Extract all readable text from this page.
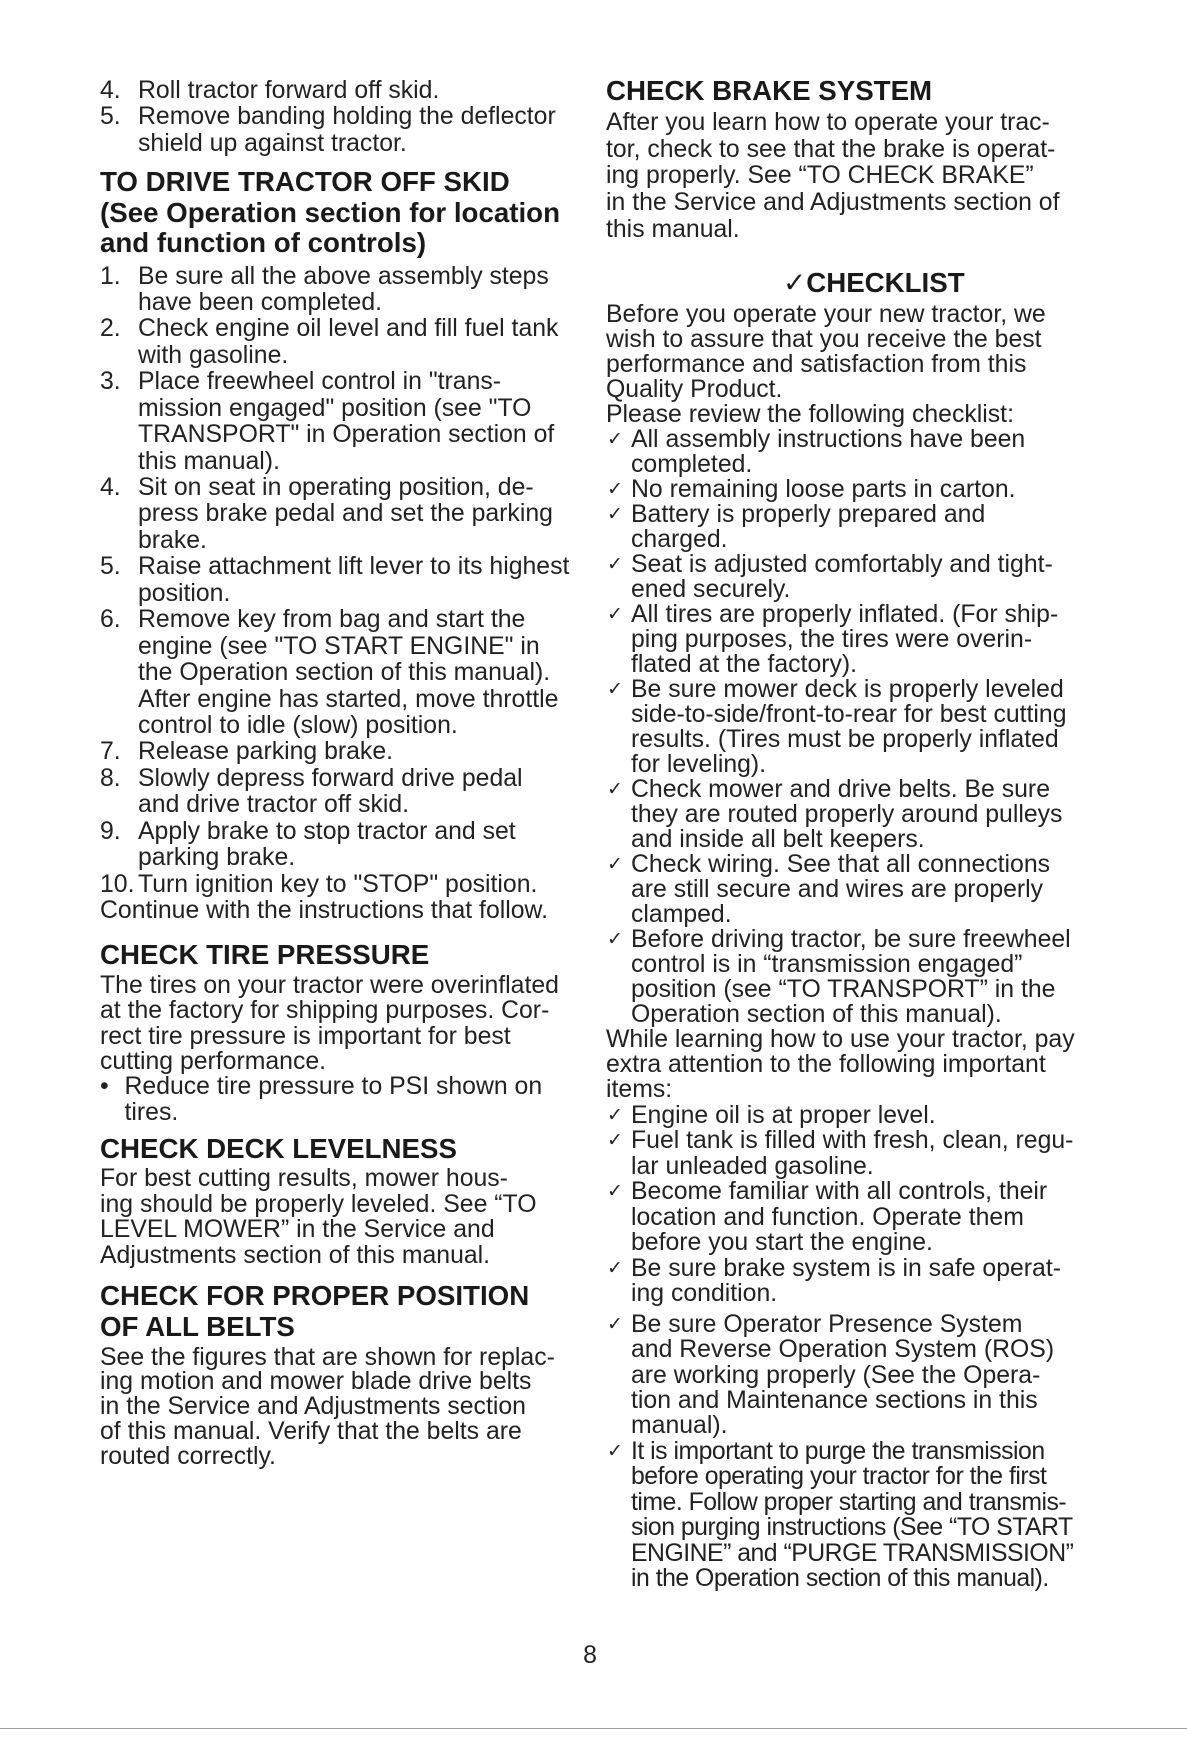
4. Roll tractor forward off skid.
5. Remove banding holding the deflector
shield up against tractor.
TO DRIVE TRACTOR OFF SKID
(See Operation section for location
and function of controls)
1. Be sure all the above assembly steps
have been completed.
2. Check engine oil level and fill fuel tank
with gasoline.
3. Place freewheel control in "trans-
mission engaged" position (see "TO
TRANSPORT" in Operation section of
this manual).
4. Sit on seat in operating position, de-
press brake pedal and set the parking
brake.
5. Raise attachment lift lever to its highest
position.
6. Remove key from bag and start the
engine (see "TO START ENGINE" in
the Operation section of this manual).
After engine has started, move throttle
control to idle (slow) position.
7. Release parking brake.
8. Slowly depress forward drive pedal
and drive tractor off skid.
9. Apply brake to stop tractor and set
parking brake.
10. Turn ignition key to "STOP" position.
Continue with the instructions that follow.
CHECK TIRE PRESSURE
The tires on your tractor were overinflated
at the factory for shipping purposes. Cor-
rect tire pressure is important for best
cutting performance.
• Reduce tire pressure to PSI shown on
tires.
CHECK DECK LEVELNESS
For best cutting results, mower hous-
ing should be properly leveled. See “TO
LEVEL MOWER” in the Service and
Adjustments section of this manual.
CHECK FOR PROPER POSITION
OF ALL BELTS
See the figures that are shown for replac-
ing motion and mower blade drive belts
in the Service and Adjustments section
of this manual. Verify that the belts are
routed correctly.
CHECK BRAKE SYSTEM
After you learn how to operate your trac-
tor, check to see that the brake is operat-
ing properly. See “TO CHECK BRAKE”
in the Service and Adjustments section of
this manual.
✓CHECKLIST
Before you operate your new tractor, we
wish to assure that you receive the best
performance and satisfaction from this
Quality Product.
Please review the following checklist:
✓ All assembly instructions have been
completed.
✓ No remaining loose parts in carton.
✓ Battery is properly prepared and
charged.
✓ Seat is adjusted comfortably and tight-
ened securely.
✓ All tires are properly inflated. (For ship-
ping purposes, the tires were overin-
flated at the factory).
✓ Be sure mower deck is properly leveled
side-to-side/front-to-rear for best cutting
results. (Tires must be properly inflated
for leveling).
✓ Check mower and drive belts. Be sure
they are routed properly around pulleys
and inside all belt keepers.
✓ Check wiring. See that all connections
are still secure and wires are properly
clamped.
✓ Before driving tractor, be sure freewheel
control is in “transmission engaged”
position (see “TO TRANSPORT” in the
Operation section of this manual).
While learning how to use your tractor, pay
extra attention to the following important
items:
✓ Engine oil is at proper level.
✓ Fuel tank is filled with fresh, clean, regu-
lar unleaded gasoline.
✓ Become familiar with all controls, their
location and function. Operate them
before you start the engine.
✓ Be sure brake system is in safe operat-
ing condition.
✓ Be sure Operator Presence System
and Reverse Operation System (ROS)
are working properly (See the Opera-
tion and Maintenance sections in this
manual).
✓ It is important to purge the transmission
before operating your tractor for the first
time. Follow proper starting and transmis-
sion purging instructions (See “TO START
ENGINE” and “PURGE TRANSMISSION”
in the Operation section of this manual).
8
